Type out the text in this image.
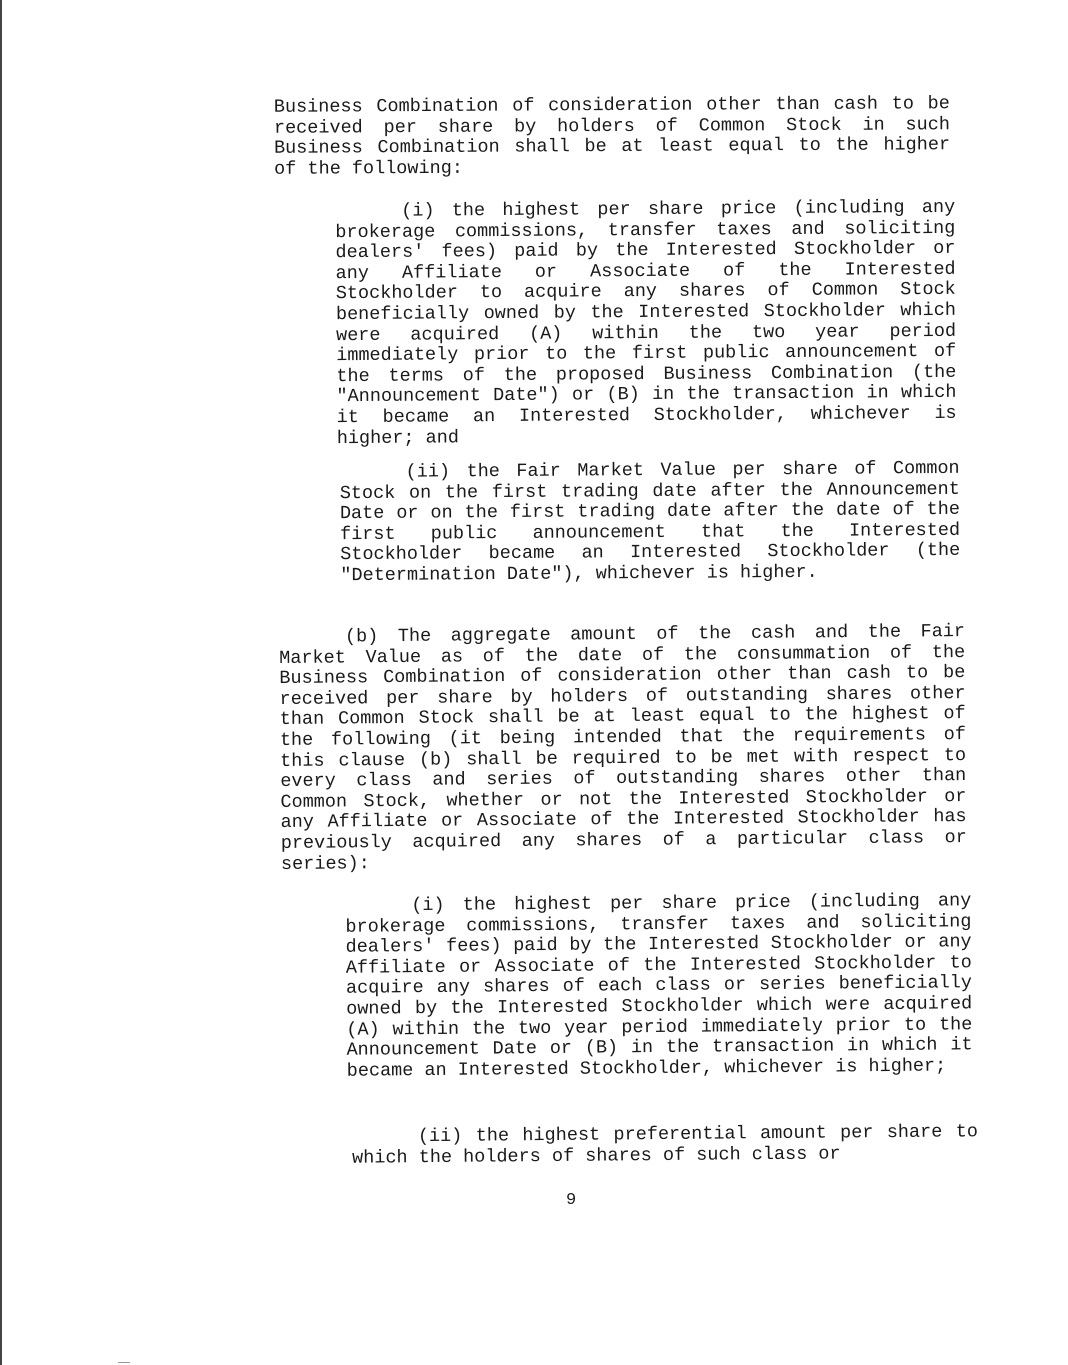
Business Combination of consideration other than cash to be received per share by holders of Common Stock in such Business Combination shall be at least equal to the higher of the following:
(i) the highest per share price (including any brokerage commissions, transfer taxes and soliciting dealers' fees) paid by the Interested Stockholder or any Affiliate or Associate of the Interested Stockholder to acquire any shares of Common Stock beneficially owned by the Interested Stockholder which were acquired (A) within the two year period immediately prior to the first public announcement of the terms of the proposed Business Combination (the "Announcement Date") or (B) in the transaction in which it became an Interested Stockholder, whichever is higher; and
(ii) the Fair Market Value per share of Common Stock on the first trading date after the Announcement Date or on the first trading date after the date of the first public announcement that the Interested Stockholder became an Interested Stockholder (the "Determination Date"), whichever is higher.
(b) The aggregate amount of the cash and the Fair Market Value as of the date of the consummation of the Business Combination of consideration other than cash to be received per share by holders of outstanding shares other than Common Stock shall be at least equal to the highest of the following (it being intended that the requirements of this clause (b) shall be required to be met with respect to every class and series of outstanding shares other than Common Stock, whether or not the Interested Stockholder or any Affiliate or Associate of the Interested Stockholder has previously acquired any shares of a particular class or series):
(i) the highest per share price (including any brokerage commissions, transfer taxes and soliciting dealers' fees) paid by the Interested Stockholder or any Affiliate or Associate of the Interested Stockholder to acquire any shares of each class or series beneficially owned by the Interested Stockholder which were acquired (A) within the two year period immediately prior to the Announcement Date or (B) in the transaction in which it became an Interested Stockholder, whichever is higher;
(ii) the highest preferential amount per share to which the holders of shares of such class or
9
